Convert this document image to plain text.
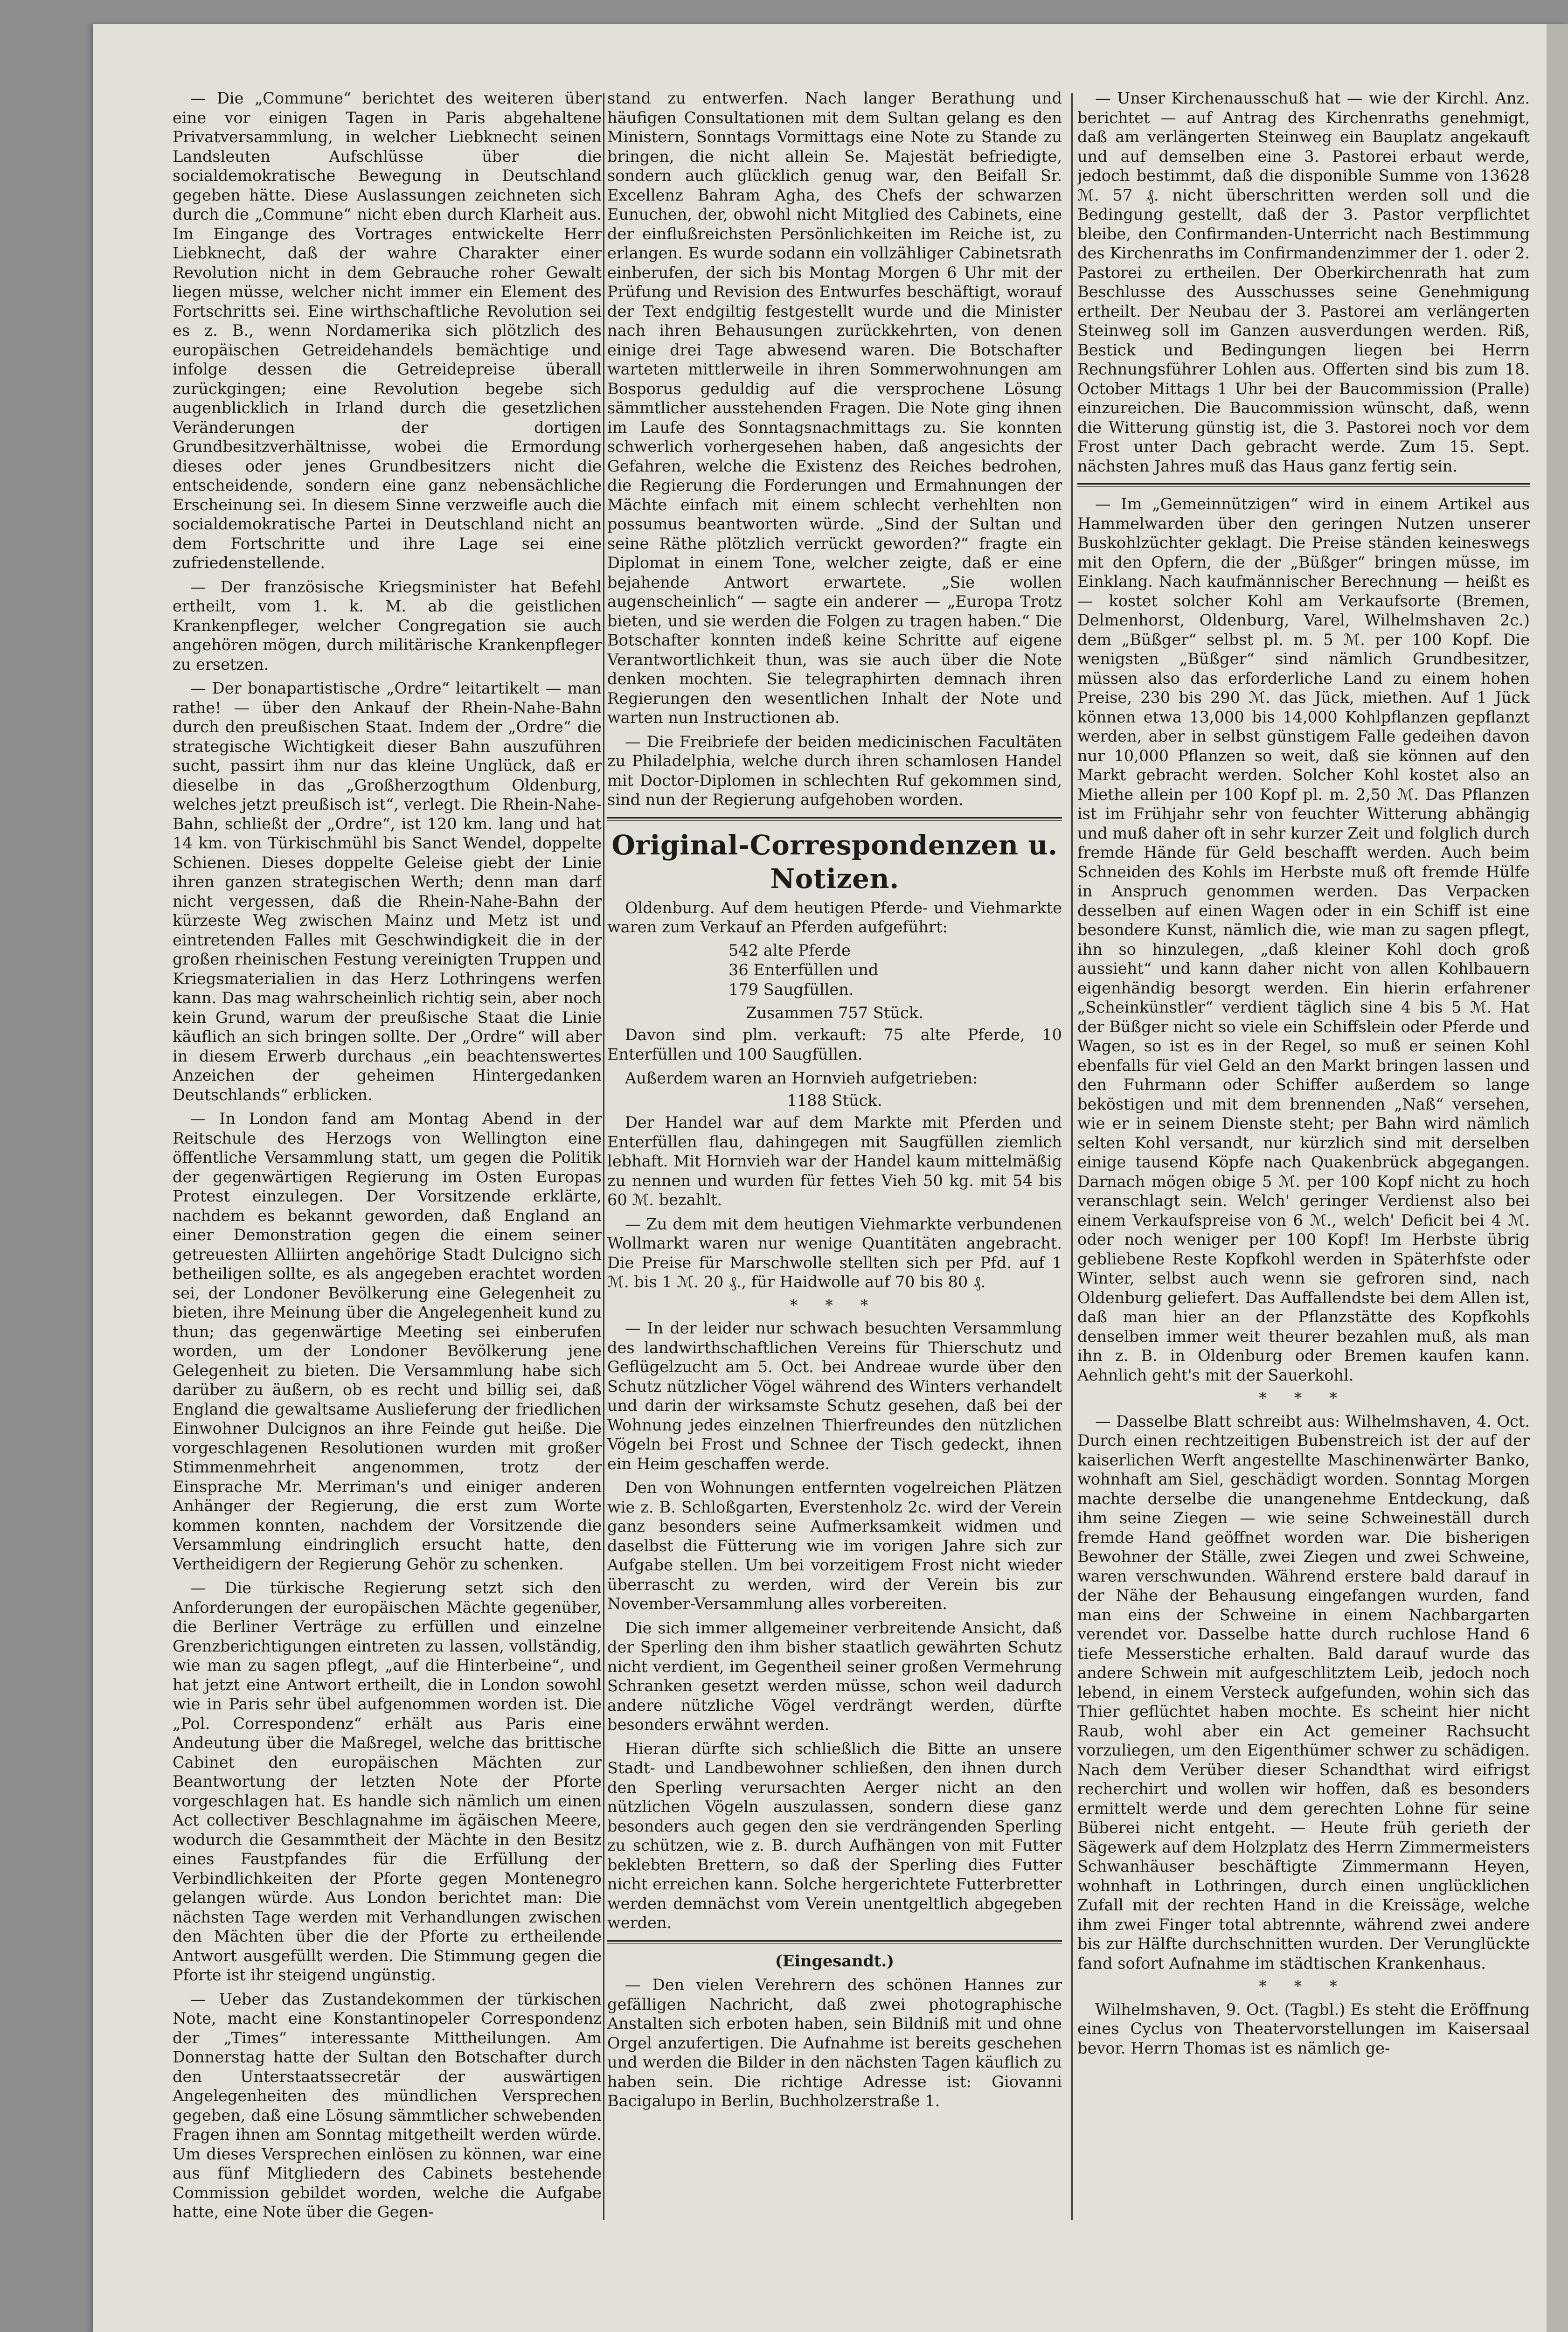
— Die „Commune“ berichtet des weiteren über eine vor einigen Tagen in Paris abgehaltene Privatversammlung, in welcher Liebknecht seinen Landsleuten Aufschlüsse über die socialdemokratische Bewegung in Deutschland gegeben hätte. Diese Auslassungen zeichneten sich durch die „Commune“ nicht eben durch Klarheit aus. Im Eingange des Vortrages entwickelte Herr Liebknecht, daß der wahre Charakter einer Revolution nicht in dem Gebrauche roher Gewalt liegen müsse, welcher nicht immer ein Element des Fortschritts sei. Eine wirthschaftliche Revolution sei es z. B., wenn Nordamerika sich plötzlich des europäischen Getreidehandels bemächtige und infolge dessen die Getreidepreise überall zurückgingen; eine Revolution begebe sich augenblicklich in Irland durch die gesetzlichen Veränderungen der dortigen Grundbesitzverhältnisse, wobei die Ermordung dieses oder jenes Grundbesitzers nicht die entscheidende, sondern eine ganz nebensächliche Erscheinung sei. In diesem Sinne verzweifle auch die socialdemokratische Partei in Deutschland nicht an dem Fortschritte und ihre Lage sei eine zufriedenstellende.

— Der französische Kriegsminister hat Befehl ertheilt, vom 1. k. M. ab die geistlichen Krankenpfleger, welcher Congregation sie auch angehören mögen, durch militärische Krankenpfleger zu ersetzen.

— Der bonapartistische „Ordre“ leitartikelt — man rathe! — über den Ankauf der Rhein-Nahe-Bahn durch den preußischen Staat. Indem der „Ordre“ die strategische Wichtigkeit dieser Bahn auszuführen sucht, passirt ihm nur das kleine Unglück, daß er dieselbe in das „Großherzogthum Oldenburg, welches jetzt preußisch ist“, verlegt. Die Rhein-Nahe-Bahn, schließt der „Ordre“, ist 120 km. lang und hat 14 km. von Türkischmühl bis Sanct Wendel, doppelte Schienen. Dieses doppelte Geleise giebt der Linie ihren ganzen strategischen Werth; denn man darf nicht vergessen, daß die Rhein-Nahe-Bahn der kürzeste Weg zwischen Mainz und Metz ist und eintretenden Falles mit Geschwindigkeit die in der großen rheinischen Festung vereinigten Truppen und Kriegsmaterialien in das Herz Lothringens werfen kann. Das mag wahrscheinlich richtig sein, aber noch kein Grund, warum der preußische Staat die Linie käuflich an sich bringen sollte. Der „Ordre“ will aber in diesem Erwerb durchaus „ein beachtenswertes Anzeichen der geheimen Hintergedanken Deutschlands“ erblicken.

— In London fand am Montag Abend in der Reitschule des Herzogs von Wellington eine öffentliche Versammlung statt, um gegen die Politik der gegenwärtigen Regierung im Osten Europas Protest einzulegen. Der Vorsitzende erklärte, nachdem es bekannt geworden, daß England an einer Demonstration gegen die einem seiner getreuesten Alliirten angehörige Stadt Dulcigno sich betheiligen sollte, es als angegeben erachtet worden sei, der Londoner Bevölkerung eine Gelegenheit zu bieten, ihre Meinung über die Angelegenheit kund zu thun; das gegenwärtige Meeting sei einberufen worden, um der Londoner Bevölkerung jene Gelegenheit zu bieten. Die Versammlung habe sich darüber zu äußern, ob es recht und billig sei, daß England die gewaltsame Auslieferung der friedlichen Einwohner Dulcignos an ihre Feinde gut heiße. Die vorgeschlagenen Resolutionen wurden mit großer Stimmenmehrheit angenommen, trotz der Einsprache Mr. Merriman's und einiger anderen Anhänger der Regierung, die erst zum Worte kommen konnten, nachdem der Vorsitzende die Versammlung eindringlich ersucht hatte, den Vertheidigern der Regierung Gehör zu schenken.

— Die türkische Regierung setzt sich den Anforderungen der europäischen Mächte gegenüber, die Berliner Verträge zu erfüllen und einzelne Grenzberichtigungen eintreten zu lassen, vollständig, wie man zu sagen pflegt, „auf die Hinterbeine“, und hat jetzt eine Antwort ertheilt, die in London sowohl wie in Paris sehr übel aufgenommen worden ist. Die „Pol. Correspondenz“ erhält aus Paris eine Andeutung über die Maßregel, welche das brittische Cabinet den europäischen Mächten zur Beantwortung der letzten Note der Pforte vorgeschlagen hat. Es handle sich nämlich um einen Act collectiver Beschlagnahme im ägäischen Meere, wodurch die Gesammtheit der Mächte in den Besitz eines Faustpfandes für die Erfüllung der Verbindlichkeiten der Pforte gegen Montenegro gelangen würde. Aus London berichtet man: Die nächsten Tage werden mit Verhandlungen zwischen den Mächten über die der Pforte zu ertheilende Antwort ausgefüllt werden. Die Stimmung gegen die Pforte ist ihr steigend ungünstig.

— Ueber das Zustandekommen der türkischen Note, macht eine Konstantinopeler Correspondenz der „Times“ interessante Mittheilungen. Am Donnerstag hatte der Sultan den Botschafter durch den Unterstaatssecretär der auswärtigen Angelegenheiten des mündlichen Versprechen gegeben, daß eine Lösung sämmtlicher schwebenden Fragen ihnen am Sonntag mitgetheilt werden würde. Um dieses Versprechen einlösen zu können, war eine aus fünf Mitgliedern des Cabinets bestehende Commission gebildet worden, welche die Aufgabe hatte, eine Note über die Gegen-

stand zu entwerfen. Nach langer Berathung und häufigen Consultationen mit dem Sultan gelang es den Ministern, Sonntags Vormittags eine Note zu Stande zu bringen, die nicht allein Se. Majestät befriedigte, sondern auch glücklich genug war, den Beifall Sr. Excellenz Bahram Agha, des Chefs der schwarzen Eunuchen, der, obwohl nicht Mitglied des Cabinets, eine der einflußreichsten Persönlichkeiten im Reiche ist, zu erlangen. Es wurde sodann ein vollzähliger Cabinetsrath einberufen, der sich bis Montag Morgen 6 Uhr mit der Prüfung und Revision des Entwurfes beschäftigt, worauf der Text endgiltig festgestellt wurde und die Minister nach ihren Behausungen zurückkehrten, von denen einige drei Tage abwesend waren. Die Botschafter warteten mittlerweile in ihren Sommerwohnungen am Bosporus geduldig auf die versprochene Lösung sämmtlicher ausstehenden Fragen. Die Note ging ihnen im Laufe des Sonntagsnachmittags zu. Sie konnten schwerlich vorhergesehen haben, daß angesichts der Gefahren, welche die Existenz des Reiches bedrohen, die Regierung die Forderungen und Ermahnungen der Mächte einfach mit einem schlecht verhehlten non possumus beantworten würde. „Sind der Sultan und seine Räthe plötzlich verrückt geworden?“ fragte ein Diplomat in einem Tone, welcher zeigte, daß er eine bejahende Antwort erwartete. „Sie wollen augenscheinlich“ — sagte ein anderer — „Europa Trotz bieten, und sie werden die Folgen zu tragen haben.“ Die Botschafter konnten indeß keine Schritte auf eigene Verantwortlichkeit thun, was sie auch über die Note denken mochten. Sie telegraphirten demnach ihren Regierungen den wesentlichen Inhalt der Note und warten nun Instructionen ab.

— Die Freibriefe der beiden medicinischen Facultäten zu Philadelphia, welche durch ihren schamlosen Handel mit Doctor-Diplomen in schlechten Ruf gekommen sind, sind nun der Regierung aufgehoben worden.

Original-Correspondenzen u. Notizen.

Oldenburg. Auf dem heutigen Pferde- und Viehmarkte waren zum Verkauf an Pferden aufgeführt:

542 alte Pferde
36 Enterfüllen und
179 Saugfüllen.
Zusammen 757 Stück.

Davon sind plm. verkauft: 75 alte Pferde, 10 Enterfüllen und 100 Saugfüllen.

Außerdem waren an Hornvieh aufgetrieben:

1188 Stück.

Der Handel war auf dem Markte mit Pferden und Enterfüllen flau, dahingegen mit Saugfüllen ziemlich lebhaft. Mit Hornvieh war der Handel kaum mittelmäßig zu nennen und wurden für fettes Vieh 50 kg. mit 54 bis 60 ℳ. bezahlt.

— Zu dem mit dem heutigen Viehmarkte verbundenen Wollmarkt waren nur wenige Quantitäten angebracht. Die Preise für Marschwolle stellten sich per Pfd. auf 1 ℳ. bis 1 ℳ. 20 ₰., für Haidwolle auf 70 bis 80 ₰.

* * *

— In der leider nur schwach besuchten Versammlung des landwirthschaftlichen Vereins für Thierschutz und Geflügelzucht am 5. Oct. bei Andreae wurde über den Schutz nützlicher Vögel während des Winters verhandelt und darin der wirksamste Schutz gesehen, daß bei der Wohnung jedes einzelnen Thierfreundes den nützlichen Vögeln bei Frost und Schnee der Tisch gedeckt, ihnen ein Heim geschaffen werde.

Den von Wohnungen entfernten vogelreichen Plätzen wie z. B. Schloßgarten, Everstenholz 2c. wird der Verein ganz besonders seine Aufmerksamkeit widmen und daselbst die Fütterung wie im vorigen Jahre sich zur Aufgabe stellen. Um bei vorzeitigem Frost nicht wieder überrascht zu werden, wird der Verein bis zur November-Versammlung alles vorbereiten.

Die sich immer allgemeiner verbreitende Ansicht, daß der Sperling den ihm bisher staatlich gewährten Schutz nicht verdient, im Gegentheil seiner großen Vermehrung Schranken gesetzt werden müsse, schon weil dadurch andere nützliche Vögel verdrängt werden, dürfte besonders erwähnt werden.

Hieran dürfte sich schließlich die Bitte an unsere Stadt- und Landbewohner schließen, den ihnen durch den Sperling verursachten Aerger nicht an den nützlichen Vögeln auszulassen, sondern diese ganz besonders auch gegen den sie verdrängenden Sperling zu schützen, wie z. B. durch Aufhängen von mit Futter beklebten Brettern, so daß der Sperling dies Futter nicht erreichen kann. Solche hergerichtete Futterbretter werden demnächst vom Verein unentgeltlich abgegeben werden.

(Eingesandt.)

— Den vielen Verehrern des schönen Hannes zur gefälligen Nachricht, daß zwei photographische Anstalten sich erboten haben, sein Bildniß mit und ohne Orgel anzufertigen. Die Aufnahme ist bereits geschehen und werden die Bilder in den nächsten Tagen käuflich zu haben sein. Die richtige Adresse ist: Giovanni Bacigalupo in Berlin, Buchholzerstraße 1.

— Unser Kirchenausschuß hat — wie der Kirchl. Anz. berichtet — auf Antrag des Kirchenraths genehmigt, daß am verlängerten Steinweg ein Bauplatz angekauft und auf demselben eine 3. Pastorei erbaut werde, jedoch bestimmt, daß die disponible Summe von 13628 ℳ. 57 ₰. nicht überschritten werden soll und die Bedingung gestellt, daß der 3. Pastor verpflichtet bleibe, den Confirmanden-Unterricht nach Bestimmung des Kirchenraths im Confirmandenzimmer der 1. oder 2. Pastorei zu ertheilen. Der Oberkirchenrath hat zum Beschlusse des Ausschusses seine Genehmigung ertheilt. Der Neubau der 3. Pastorei am verlängerten Steinweg soll im Ganzen ausverdungen werden. Riß, Bestick und Bedingungen liegen bei Herrn Rechnungsführer Lohlen aus. Offerten sind bis zum 18. October Mittags 1 Uhr bei der Baucommission (Pralle) einzureichen. Die Baucommission wünscht, daß, wenn die Witterung günstig ist, die 3. Pastorei noch vor dem Frost unter Dach gebracht werde. Zum 15. Sept. nächsten Jahres muß das Haus ganz fertig sein.

— Im „Gemeinnützigen“ wird in einem Artikel aus Hammelwarden über den geringen Nutzen unserer Buskohlzüchter geklagt. Die Preise ständen keineswegs mit den Opfern, die der „Büßger“ bringen müsse, im Einklang. Nach kaufmännischer Berechnung — heißt es — kostet solcher Kohl am Verkaufsorte (Bremen, Delmenhorst, Oldenburg, Varel, Wilhelmshaven 2c.) dem „Büßger“ selbst pl. m. 5 ℳ. per 100 Kopf. Die wenigsten „Büßger“ sind nämlich Grundbesitzer, müssen also das erforderliche Land zu einem hohen Preise, 230 bis 290 ℳ. das Jück, miethen. Auf 1 Jück können etwa 13,000 bis 14,000 Kohlpflanzen gepflanzt werden, aber in selbst günstigem Falle gedeihen davon nur 10,000 Pflanzen so weit, daß sie können auf den Markt gebracht werden. Solcher Kohl kostet also an Miethe allein per 100 Kopf pl. m. 2,50 ℳ. Das Pflanzen ist im Frühjahr sehr von feuchter Witterung abhängig und muß daher oft in sehr kurzer Zeit und folglich durch fremde Hände für Geld beschafft werden. Auch beim Schneiden des Kohls im Herbste muß oft fremde Hülfe in Anspruch genommen werden. Das Verpacken desselben auf einen Wagen oder in ein Schiff ist eine besondere Kunst, nämlich die, wie man zu sagen pflegt, ihn so hinzulegen, „daß kleiner Kohl doch groß aussieht“ und kann daher nicht von allen Kohlbauern eigenhändig besorgt werden. Ein hierin erfahrener „Scheinkünstler“ verdient täglich sine 4 bis 5 ℳ. Hat der Büßger nicht so viele ein Schiffslein oder Pferde und Wagen, so ist es in der Regel, so muß er seinen Kohl ebenfalls für viel Geld an den Markt bringen lassen und den Fuhrmann oder Schiffer außerdem so lange beköstigen und mit dem brennenden „Naß“ versehen, wie er in seinem Dienste steht; per Bahn wird nämlich selten Kohl versandt, nur kürzlich sind mit derselben einige tausend Köpfe nach Quakenbrück abgegangen. Darnach mögen obige 5 ℳ. per 100 Kopf nicht zu hoch veranschlagt sein. Welch' geringer Verdienst also bei einem Verkaufspreise von 6 ℳ., welch' Deficit bei 4 ℳ. oder noch weniger per 100 Kopf! Im Herbste übrig gebliebene Reste Kopfkohl werden in Späterhfste oder Winter, selbst auch wenn sie gefroren sind, nach Oldenburg geliefert. Das Auffallendste bei dem Allen ist, daß man hier an der Pflanzstätte des Kopfkohls denselben immer weit theurer bezahlen muß, als man ihn z. B. in Oldenburg oder Bremen kaufen kann. Aehnlich geht's mit der Sauerkohl.

* * *

— Dasselbe Blatt schreibt aus: Wilhelmshaven, 4. Oct. Durch einen rechtzeitigen Bubenstreich ist der auf der kaiserlichen Werft angestellte Maschinenwärter Banko, wohnhaft am Siel, geschädigt worden. Sonntag Morgen machte derselbe die unangenehme Entdeckung, daß ihm seine Ziegen — wie seine Schweineställ durch fremde Hand geöffnet worden war. Die bisherigen Bewohner der Ställe, zwei Ziegen und zwei Schweine, waren verschwunden. Während erstere bald darauf in der Nähe der Behausung eingefangen wurden, fand man eins der Schweine in einem Nachbargarten verendet vor. Dasselbe hatte durch ruchlose Hand 6 tiefe Messerstiche erhalten. Bald darauf wurde das andere Schwein mit aufgeschlitztem Leib, jedoch noch lebend, in einem Versteck aufgefunden, wohin sich das Thier geflüchtet haben mochte. Es scheint hier nicht Raub, wohl aber ein Act gemeiner Rachsucht vorzuliegen, um den Eigenthümer schwer zu schädigen. Nach dem Verüber dieser Schandthat wird eifrigst recherchirt und wollen wir hoffen, daß es besonders ermittelt werde und dem gerechten Lohne für seine Büberei nicht entgeht. — Heute früh gerieth der Sägewerk auf dem Holzplatz des Herrn Zimmermeisters Schwanhäuser beschäftigte Zimmermann Heyen, wohnhaft in Lothringen, durch einen unglücklichen Zufall mit der rechten Hand in die Kreissäge, welche ihm zwei Finger total abtrennte, während zwei andere bis zur Hälfte durchschnitten wurden. Der Verunglückte fand sofort Aufnahme im städtischen Krankenhaus.

* * *

Wilhelmshaven, 9. Oct. (Tagbl.) Es steht die Eröffnung eines Cyclus von Theatervorstellungen im Kaisersaal bevor. Herrn Thomas ist es nämlich ge-
